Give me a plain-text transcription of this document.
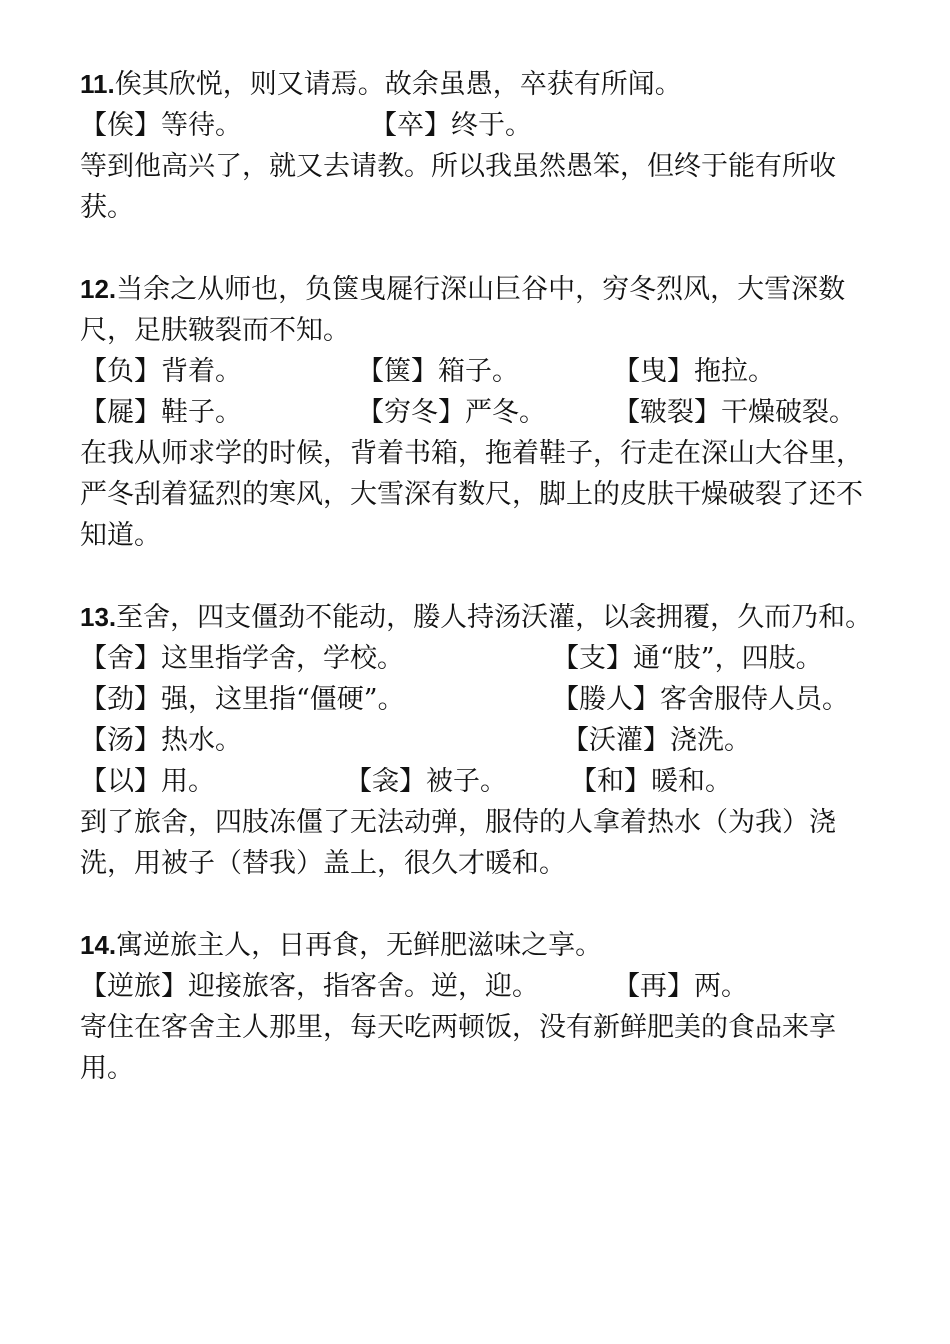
11.俟其欣悦，则又请焉。故余虽愚，卒获有所闻。
【俟】等待。	【卒】终于。
等到他高兴了，就又去请教。所以我虽然愚笨，但终于能有所收获。
12.当余之从师也，负箧曳屣行深山巨谷中，穷冬烈风，大雪深数尺，足肤皲裂而不知。
【负】背着。	【箧】箱子。	【曳】拖拉。
【屣】鞋子。	【穷冬】严冬。 【皲裂】干燥破裂。
在我从师求学的时候，背着书箱，拖着鞋子，行走在深山大谷里，严冬刮着猛烈的寒风，大雪深有数尺，脚上的皮肤干燥破裂了还不知道。
13.至舍，四支僵劲不能动，媵人持汤沃灌，以衾拥覆，久而乃和。
【舍】这里指学舍，学校。	【支】通“肢”，四肢。
【劲】强，这里指“僵硬”。	【媵人】客舍服侍人员。
【汤】热水。	【沃灌】浇洗。
【以】用。	【衾】被子。 【和】暖和。
到了旅舍，四肢冻僵了无法动弹，服侍的人拿着热水（为我）浇洗，用被子（替我）盖上，很久才暖和。
14.寓逆旅主人，日再食，无鲜肥滋味之享。
【逆旅】迎接旅客，指客舍。逆，迎。	【再】两。
寄住在客舍主人那里，每天吃两顿饭，没有新鲜肥美的食品来享用。
